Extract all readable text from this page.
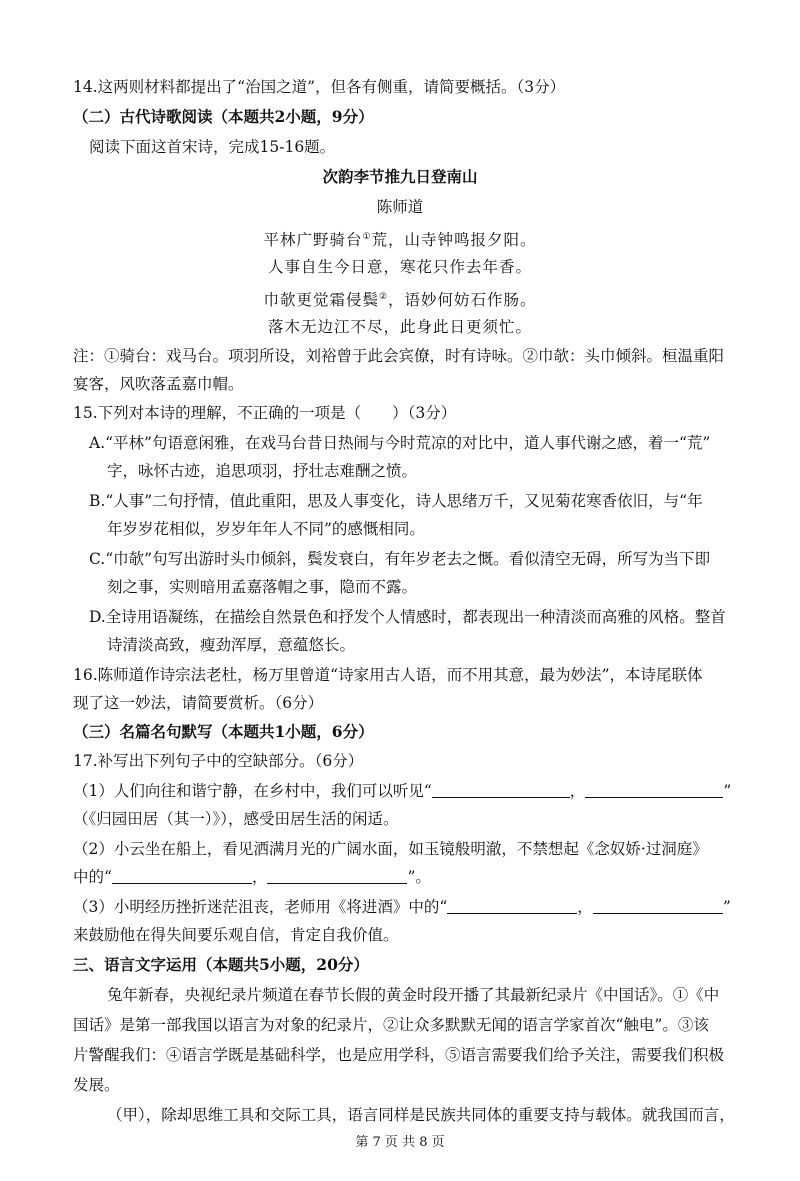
14.这两则材料都提出了“治国之道”，但各有侧重，请简要概括。（3分）
（二）古代诗歌阅读（本题共2小题，9分）
阅读下面这首宋诗，完成15-16题。
次韵李节推九日登南山
陈师道
平林广野骑台①荒，山寺钟鸣报夕阳。
人事自生今日意，寒花只作去年香。
巾欹更觉霜侵鬓②，语妙何妨石作肠。
落木无边江不尽，此身此日更须忙。
注：①骑台：戏马台。项羽所设，刘裕曾于此会宾僚，时有诗咏。②巾欹：头巾倾斜。桓温重阳
宴客，风吹落孟嘉巾帽。
15.下列对本诗的理解，不正确的一项是（　　）（3分）
A.“平林”句语意闲雅，在戏马台昔日热闹与今时荒凉的对比中，道人事代谢之感，着一“荒”
字，咏怀古迹，追思项羽，抒壮志难酬之愤。
B.“人事”二句抒情，值此重阳，思及人事变化，诗人思绪万千，又见菊花寒香依旧，与“年
年岁岁花相似，岁岁年年人不同”的感慨相同。
C.“巾欹”句写出游时头巾倾斜，鬓发衰白，有年岁老去之慨。看似清空无碍，所写为当下即
刻之事，实则暗用孟嘉落帽之事，隐而不露。
D.全诗用语凝练，在描绘自然景色和抒发个人情感时，都表现出一种清淡而高雅的风格。整首
诗清淡高致，瘦劲浑厚，意蕴悠长。
16.陈师道作诗宗法老杜，杨万里曾道“诗家用古人语，而不用其意，最为妙法”，本诗尾联体
现了这一妙法，请简要赏析。（6分）
（三）名篇名句默写（本题共1小题，6分）
17.补写出下列句子中的空缺部分。（6分）
（1）人们向往和谐宁静，在乡村中，我们可以听见“	，	”
（《归园田居（其一）》），感受田居生活的闲适。
（2）小云坐在船上，看见洒满月光的广阔水面，如玉镜般明澈，不禁想起《念奴娇·过洞庭》
中的“	，	”。
（3）小明经历挫折迷茫沮丧，老师用《将进酒》中的“	，	”
来鼓励他在得失间要乐观自信，肯定自我价值。
三、语言文字运用（本题共5小题，20分）
兔年新春，央视纪录片频道在春节长假的黄金时段开播了其最新纪录片《中国话》。①《中
国话》是第一部我国以语言为对象的纪录片，②让众多默默无闻的语言学家首次“触电”。③该
片警醒我们：④语言学既是基础科学，也是应用学科，⑤语言需要我们给予关注，需要我们积极
发展。
（甲），除却思维工具和交际工具，语言同样是民族共同体的重要支持与载体。就我国而言，
第 7 页 共 8 页
